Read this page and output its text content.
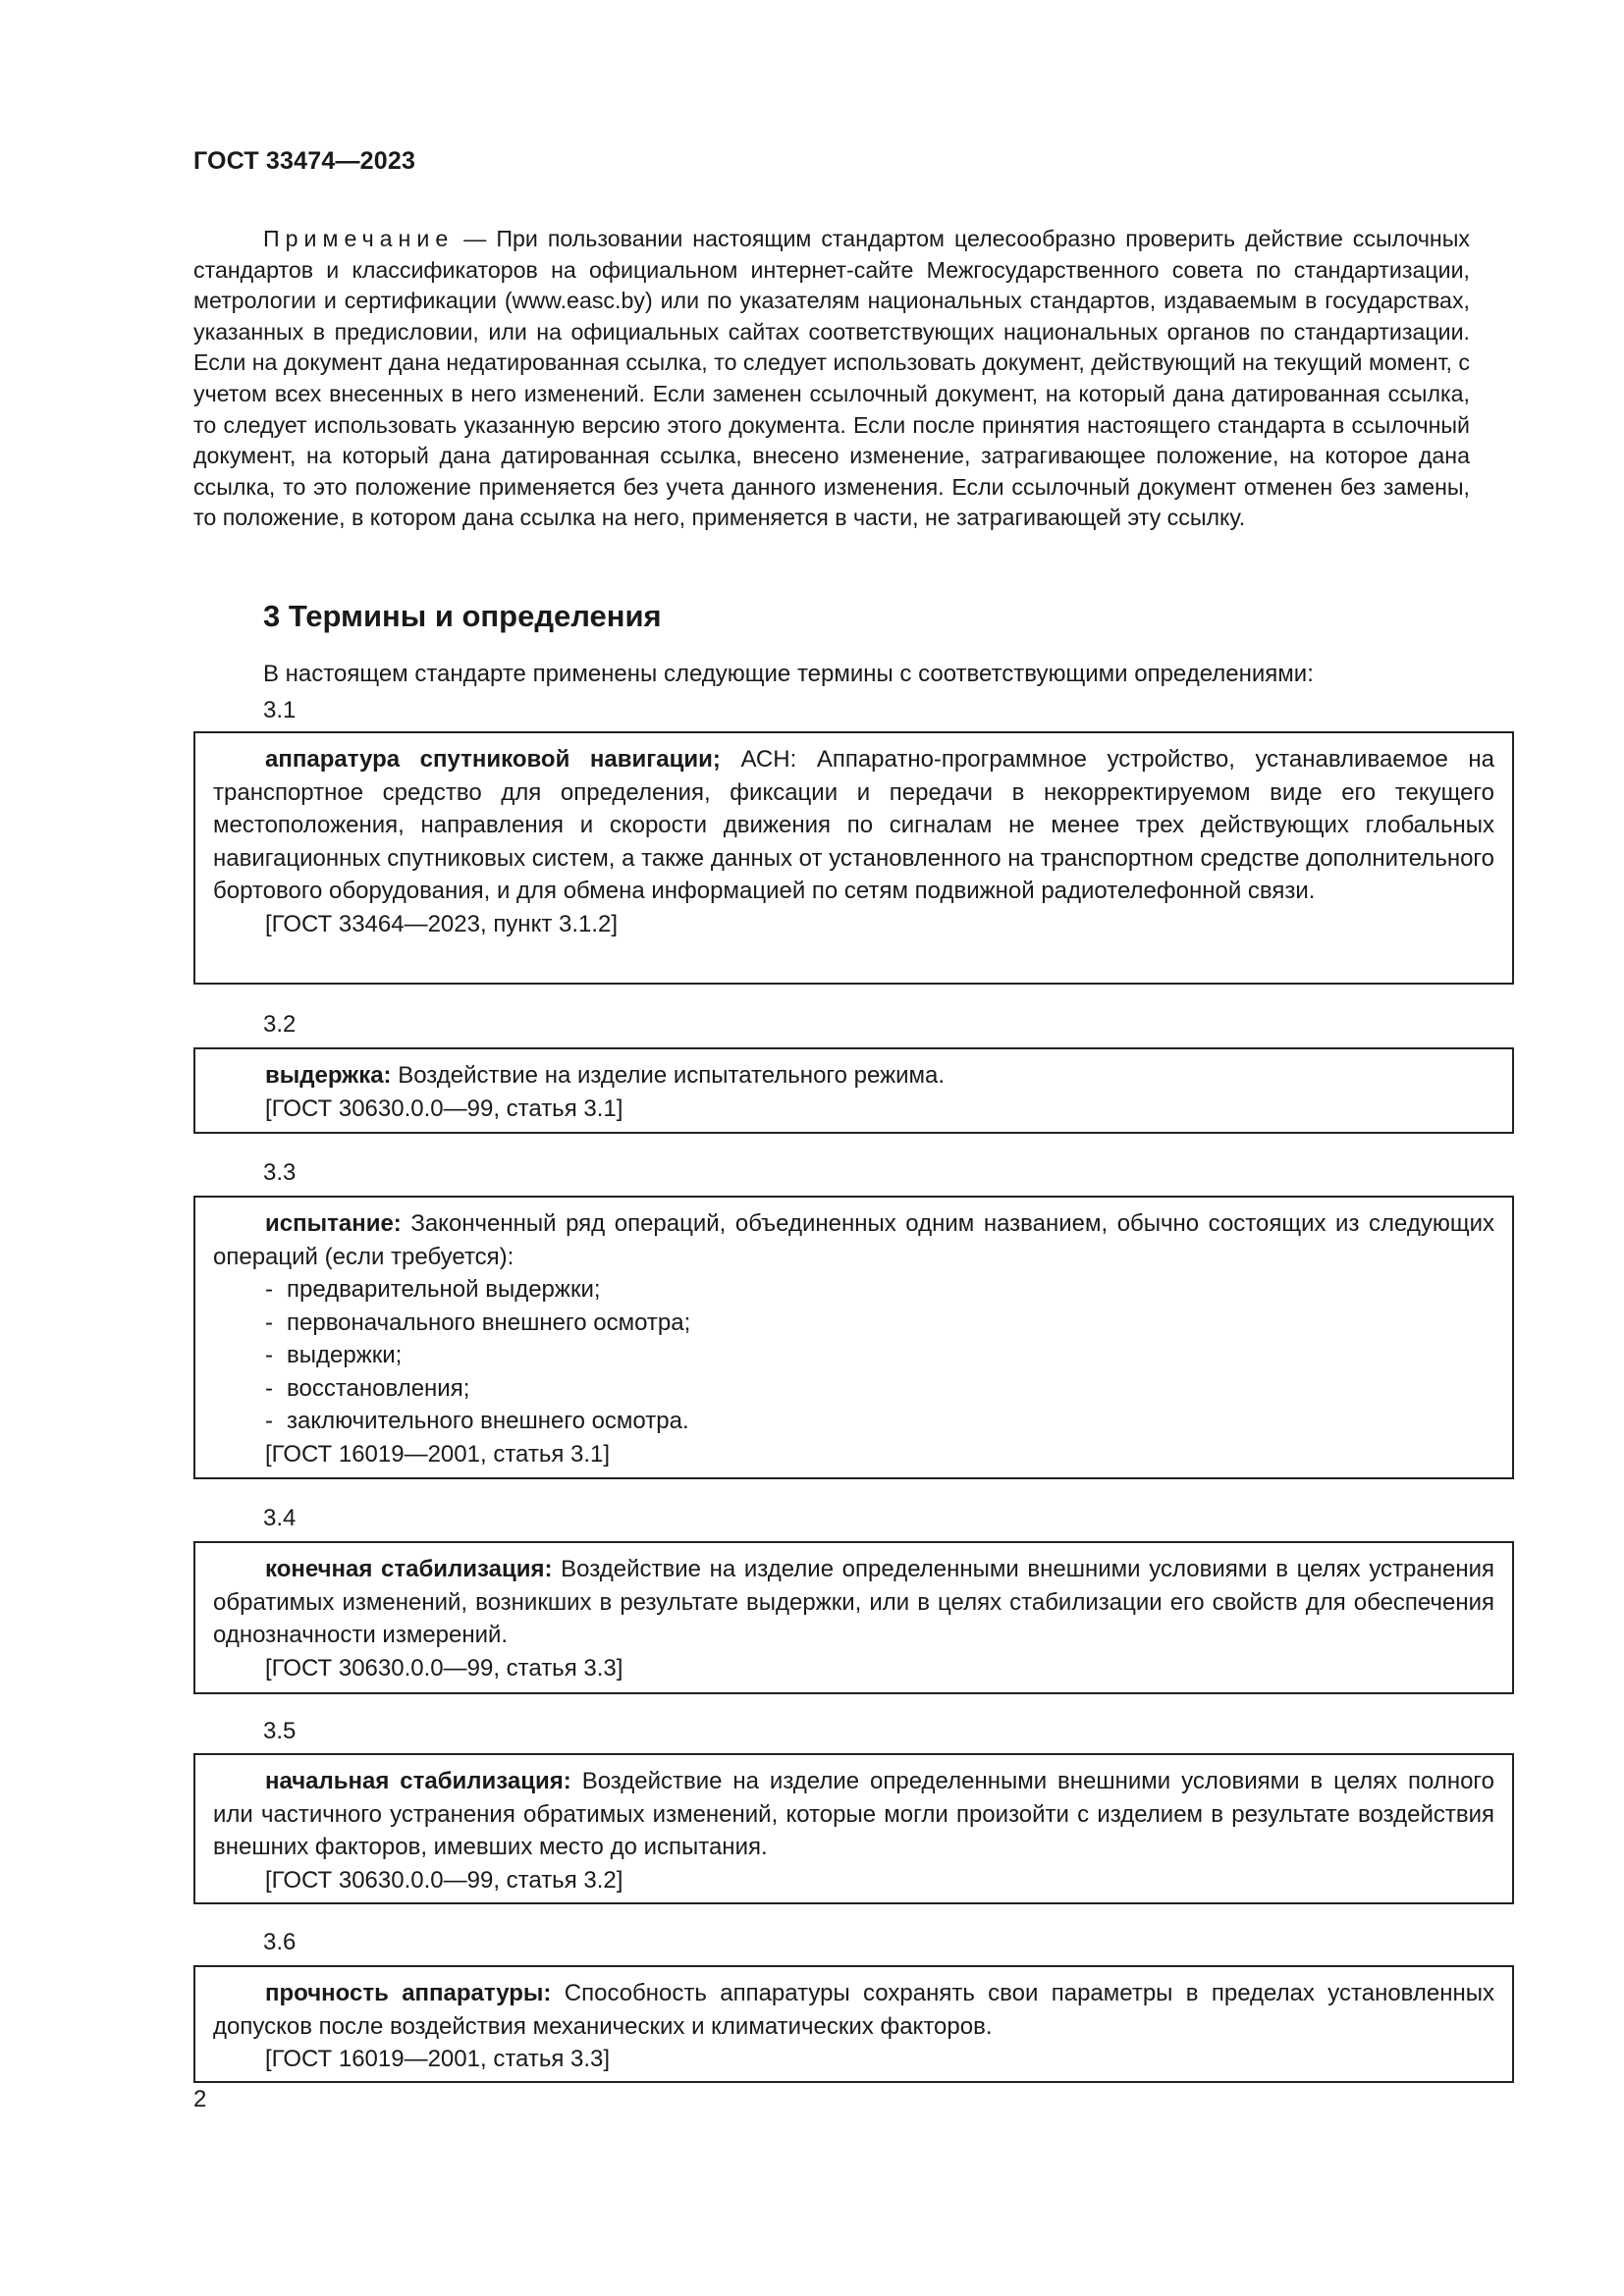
ГОСТ 33474—2023

Примечание — При пользовании настоящим стандартом целесообразно проверить действие ссылочных стандартов и классификаторов на официальном интернет-сайте Межгосударственного совета по стандартизации, метрологии и сертификации (www.easc.by) или по указателям национальных стандартов, издаваемым в государствах, указанных в предисловии, или на официальных сайтах соответствующих национальных органов по стандартизации. Если на документ дана недатированная ссылка, то следует использовать документ, действующий на текущий момент, с учетом всех внесенных в него изменений. Если заменен ссылочный документ, на который дана датированная ссылка, то следует использовать указанную версию этого документа. Если после принятия настоящего стандарта в ссылочный документ, на который дана датированная ссылка, внесено изменение, затрагивающее положение, на которое дана ссылка, то это положение применяется без учета данного изменения. Если ссылочный документ отменен без замены, то положение, в котором дана ссылка на него, применяется в части, не затрагивающей эту ссылку.

3 Термины и определения

В настоящем стандарте применены следующие термины с соответствующими определениями:

3.1

аппаратура спутниковой навигации; АСН: Аппаратно-программное устройство, устанавливаемое на транспортное средство для определения, фиксации и передачи в некорректируемом виде его текущего местоположения, направления и скорости движения по сигналам не менее трех действующих глобальных навигационных спутниковых систем, а также данных от установленного на транспортном средстве дополнительного бортового оборудования, и для обмена информацией по сетям подвижной радиотелефонной связи.

[ГОСТ 33464—2023, пункт 3.1.2]

3.2

выдержка: Воздействие на изделие испытательного режима.

[ГОСТ 30630.0.0—99, статья 3.1]

3.3

испытание: Законченный ряд операций, объединенных одним названием, обычно состоящих из следующих операций (если требуется):

- предварительной выдержки;
- первоначального внешнего осмотра;
- выдержки;
- восстановления;
- заключительного внешнего осмотра.

[ГОСТ 16019—2001, статья 3.1]

3.4

конечная стабилизация: Воздействие на изделие определенными внешними условиями в целях устранения обратимых изменений, возникших в результате выдержки, или в целях стабилизации его свойств для обеспечения однозначности измерений.

[ГОСТ 30630.0.0—99, статья 3.3]

3.5

начальная стабилизация: Воздействие на изделие определенными внешними условиями в целях полного или частичного устранения обратимых изменений, которые могли произойти с изделием в результате воздействия внешних факторов, имевших место до испытания.

[ГОСТ 30630.0.0—99, статья 3.2]

3.6

прочность аппаратуры: Способность аппаратуры сохранять свои параметры в пределах установленных допусков после воздействия механических и климатических факторов.

[ГОСТ 16019—2001, статья 3.3]

2
